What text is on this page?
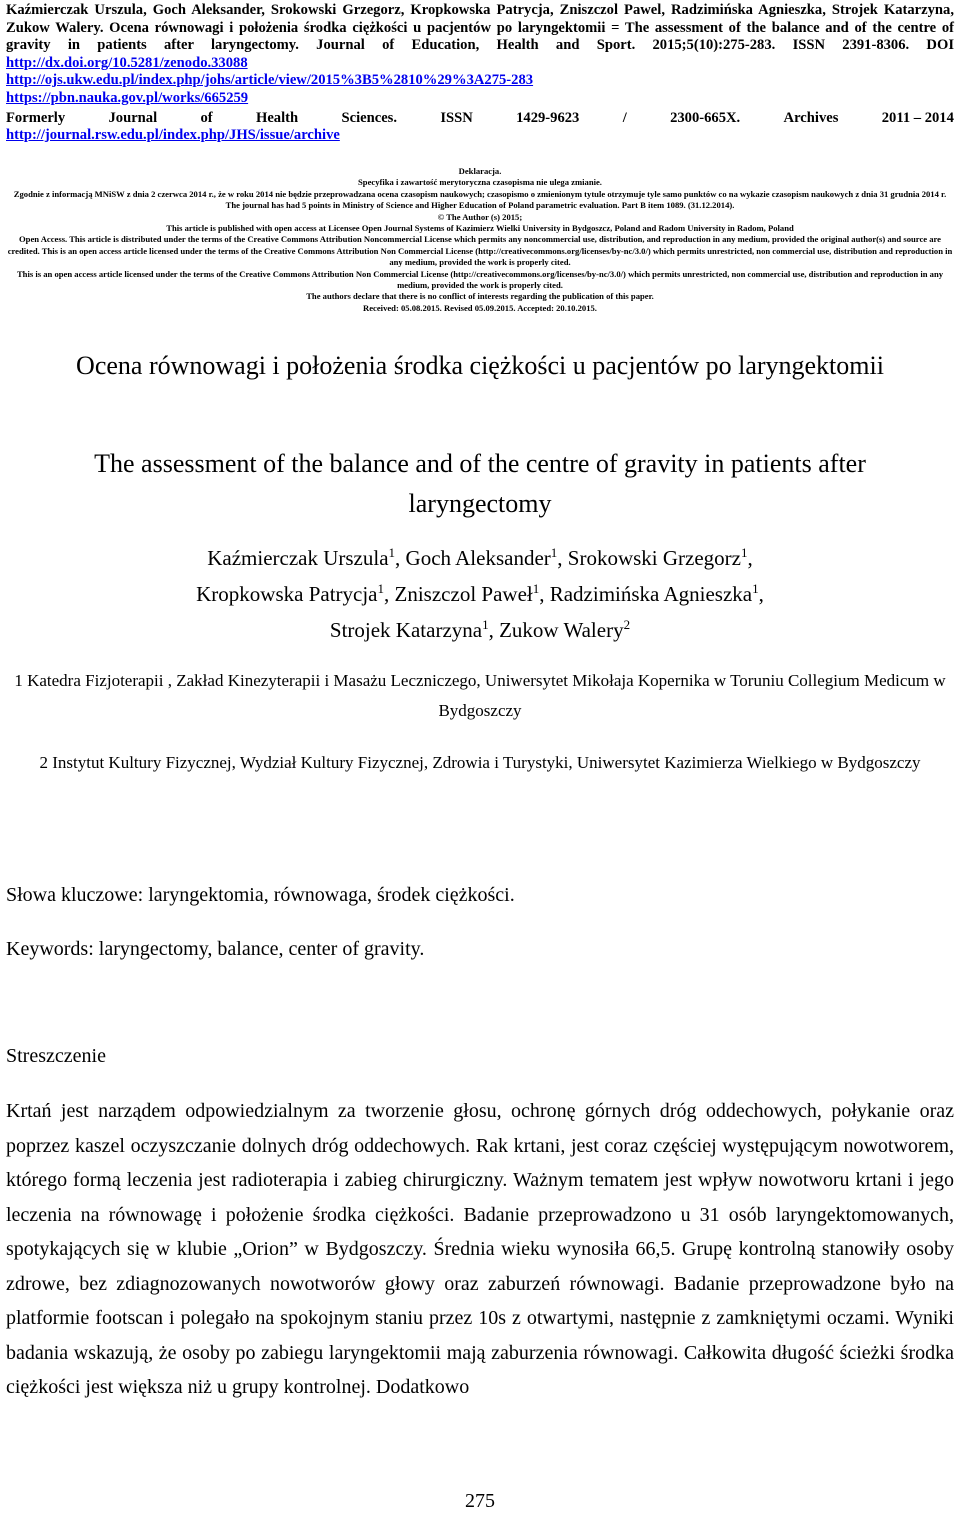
Kaźmierczak Urszula, Goch Aleksander, Srokowski Grzegorz, Kropkowska Patrycja, Zniszczol Pawel, Radzimińska Agnieszka, Strojek Katarzyna, Zukow Walery. Ocena równowagi i położenia środka ciężkości u pacjentów po laryngektomii = The assessment of the balance and of the centre of gravity in patients after laryngectomy. Journal of Education, Health and Sport. 2015;5(10):275-283. ISSN 2391-8306. DOI http://dx.doi.org/10.5281/zenodo.33088
http://ojs.ukw.edu.pl/index.php/johs/article/view/2015%3B5%2810%29%3A275-283
https://pbn.nauka.gov.pl/works/665259

Formerly	Journal	of	Health	Sciences.	ISSN	1429-9623	/	2300-665X.	Archives	2011 – 2014

http://journal.rsw.edu.pl/index.php/JHS/issue/archive

Deklaracja.
Specyfika i zawartość merytoryczna czasopisma nie ulega zmianie.
Zgodnie z informacją MNiSW z dnia 2 czerwca 2014 r., że w roku 2014 nie będzie przeprowadzana ocena czasopism naukowych; czasopismo o zmienionym tytule otrzymuje tyle samo punktów co na wykazie czasopism naukowych z dnia 31 grudnia 2014 r.
The journal has had 5 points in Ministry of Science and Higher Education of Poland parametric evaluation. Part B item 1089. (31.12.2014).
© The Author (s) 2015;
This article is published with open access at Licensee Open Journal Systems of Kazimierz Wielki University in Bydgoszcz, Poland and Radom University in Radom, Poland
Open Access. This article is distributed under the terms of the Creative Commons Attribution Noncommercial License which permits any noncommercial use, distribution, and reproduction in any medium, provided the original author(s) and source are credited. This is an open access article licensed under the terms of the Creative Commons Attribution Non Commercial License (http://creativecommons.org/licenses/by-nc/3.0/) which permits unrestricted, non commercial use, distribution and reproduction in any medium, provided the work is properly cited.
This is an open access article licensed under the terms of the Creative Commons Attribution Non Commercial License (http://creativecommons.org/licenses/by-nc/3.0/) which permits unrestricted, non commercial use, distribution and reproduction in any medium, provided the work is properly cited.
The authors declare that there is no conflict of interests regarding the publication of this paper.
Received: 05.08.2015. Revised 05.09.2015. Accepted: 20.10.2015.
Ocena równowagi i położenia środka ciężkości u pacjentów po laryngektomii
The assessment of the balance and of the centre of gravity in patients after laryngectomy
Kaźmierczak Urszula$^1$, Goch Aleksander$^1$, Srokowski Grzegorz$^1$,
Kropkowska Patrycja$^1$, Zniszczol Paweł$^1$, Radzimińska Agnieszka$^1$,
Strojek Katarzyna$^1$, Zukow Walery$^2$
1 Katedra Fizjoterapii , Zakład Kinezyterapii i Masażu Leczniczego, Uniwersytet Mikołaja Kopernika w Toruniu Collegium Medicum w Bydgoszczy
2 Instytut Kultury Fizycznej, Wydział Kultury Fizycznej, Zdrowia i Turystyki, Uniwersytet Kazimierza Wielkiego w Bydgoszczy
Słowa kluczowe: laryngektomia, równowaga, środek ciężkości.
Keywords: laryngectomy, balance, center of gravity.
Streszczenie

Krtań jest narządem odpowiedzialnym za tworzenie głosu, ochronę górnych dróg oddechowych, połykanie oraz poprzez kaszel oczyszczanie dolnych dróg oddechowych. Rak krtani, jest coraz częściej występującym nowotworem, którego formą leczenia jest radioterapia i zabieg chirurgiczny. Ważnym tematem jest wpływ nowotworu krtani i jego leczenia na równowagę i położenie środka ciężkości. Badanie przeprowadzono u 31 osób laryngektomowanych, spotykających się w klubie „Orion” w Bydgoszczy. Średnia wieku wynosiła 66,5. Grupę kontrolną stanowiły osoby zdrowe, bez zdiagnozowanych nowotworów głowy oraz zaburzeń równowagi. Badanie przeprowadzone było na platformie footscan i polegało na spokojnym staniu przez 10s z otwartymi, następnie z zamkniętymi oczami. Wyniki badania wskazują, że osoby po zabiegu laryngektomii mają zaburzenia równowagi. Całkowita długość ścieżki środka ciężkości jest większa niż u grupy kontrolnej. Dodatkowo

275
